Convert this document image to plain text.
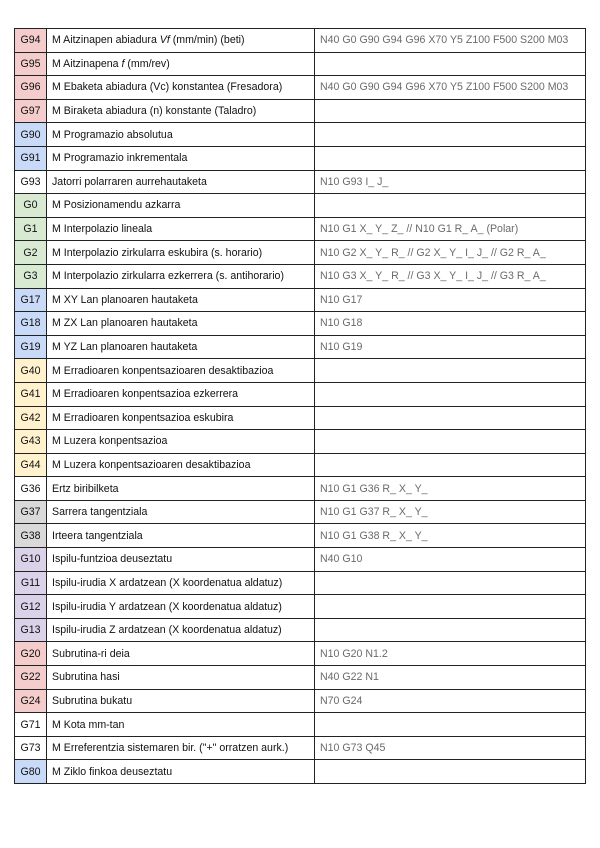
G94	M Aitzinapen abiadura Vf (mm/min) (beti)	N40 G0 G90 G94 G96 X70 Y5 Z100 F500 S200 M03
G95	M Aitzinapena f (mm/rev)	
G96	M Ebaketa abiadura (Vc) konstantea (Fresadora)	N40 G0 G90 G94 G96 X70 Y5 Z100 F500 S200 M03
G97	M Biraketa abiadura (n) konstante (Taladro)	
G90	M Programazio absolutua	
G91	M Programazio inkrementala	
G93	Jatorri polarraren aurrehautaketa	N10 G93 I_ J_
G0	M Posizionamendu azkarra	
G1	M Interpolazio lineala	N10 G1 X_ Y_ Z_ // N10 G1 R_ A_ (Polar)
G2	M Interpolazio zirkularra eskubira (s. horario)	N10 G2 X_ Y_ R_ // G2 X_ Y_ I_ J_ // G2 R_ A_
G3	M Interpolazio zirkularra ezkerrera (s. antihorario)	N10 G3 X_ Y_ R_ // G3 X_ Y_ I_ J_ // G3 R_ A_
G17	M XY Lan planoaren hautaketa	N10 G17
G18	M ZX Lan planoaren hautaketa	N10 G18
G19	M YZ Lan planoaren hautaketa	N10 G19
G40	M Erradioaren konpentsazioaren desaktibazioa	
G41	M Erradioaren konpentsazioa ezkerrera	
G42	M Erradioaren konpentsazioa eskubira	
G43	M Luzera konpentsazioa	
G44	M Luzera konpentsazioaren desaktibazioa	
G36	Ertz biribilketa	N10 G1 G36 R_ X_ Y_
G37	Sarrera tangentziala	N10 G1 G37 R_ X_ Y_
G38	Irteera tangentziala	N10 G1 G38 R_ X_ Y_
G10	Ispilu-funtzioa deuseztatu	N40 G10
G11	Ispilu-irudia X ardatzean (X koordenatua aldatuz)	
G12	Ispilu-irudia Y ardatzean (X koordenatua aldatuz)	
G13	Ispilu-irudia Z ardatzean (X koordenatua aldatuz)	
G20	Subrutina-ri deia	N10 G20 N1.2
G22	Subrutina hasi	N40 G22 N1
G24	Subrutina bukatu	N70 G24
G71	M Kota mm-tan	
G73	M Erreferentzia sistemaren bir. ("+" orratzen aurk.)	N10 G73 Q45
G80	M Ziklo finkoa deuseztatu	
